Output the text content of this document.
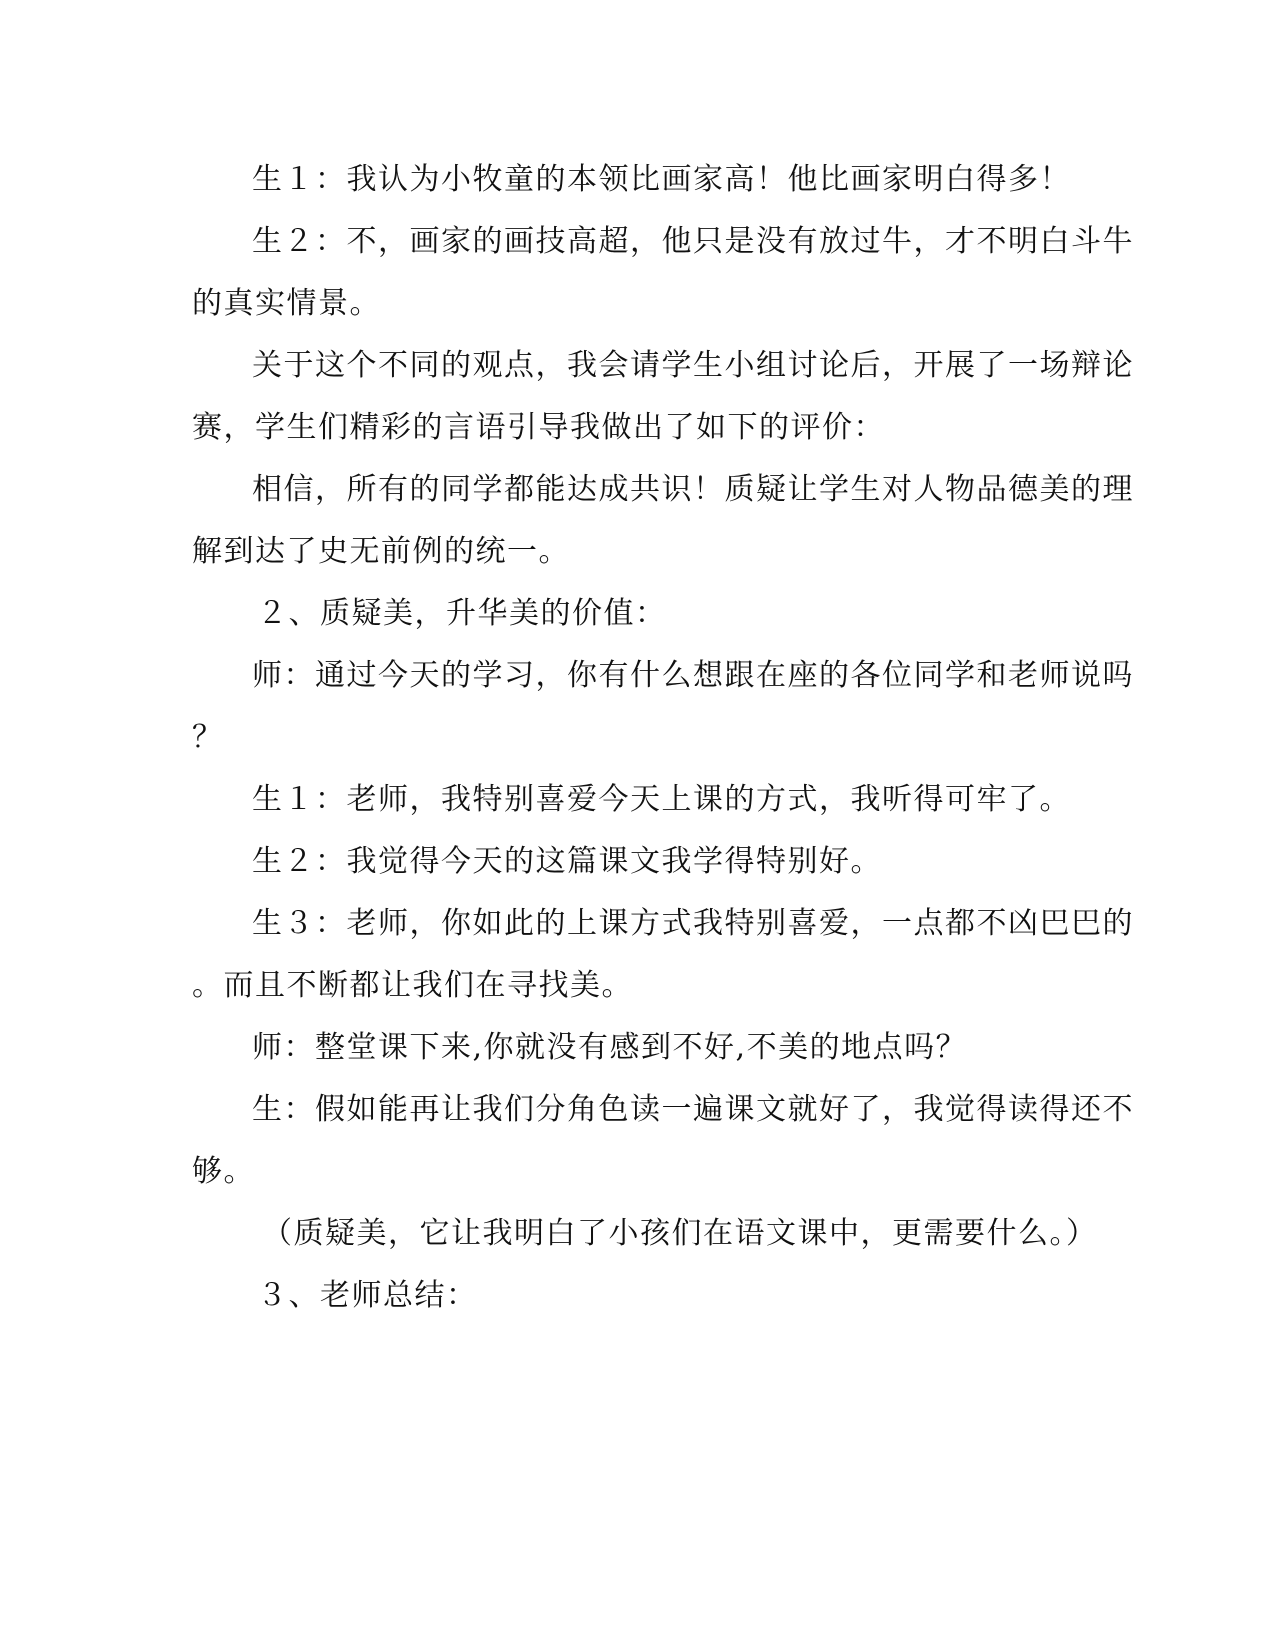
生１：我认为小牧童的本领比画家高！他比画家明白得多！
生２：不，画家的画技高超，他只是没有放过牛，才不明白斗牛
的真实情景。
关于这个不同的观点，我会请学生小组讨论后，开展了一场辩论
赛，学生们精彩的言语引导我做出了如下的评价：
相信，所有的同学都能达成共识！质疑让学生对人物品德美的理
解到达了史无前例的统一。
２、质疑美，升华美的价值：
师：通过今天的学习，你有什么想跟在座的各位同学和老师说吗
？
生１：老师，我特别喜爱今天上课的方式，我听得可牢了。
生２：我觉得今天的这篇课文我学得特别好。
生３：老师，你如此的上课方式我特别喜爱，一点都不凶巴巴的
。而且不断都让我们在寻找美。
师：整堂课下来,你就没有感到不好,不美的地点吗？
生：假如能再让我们分角色读一遍课文就好了，我觉得读得还不
够。
（质疑美，它让我明白了小孩们在语文课中，更需要什么。）
３、老师总结：
